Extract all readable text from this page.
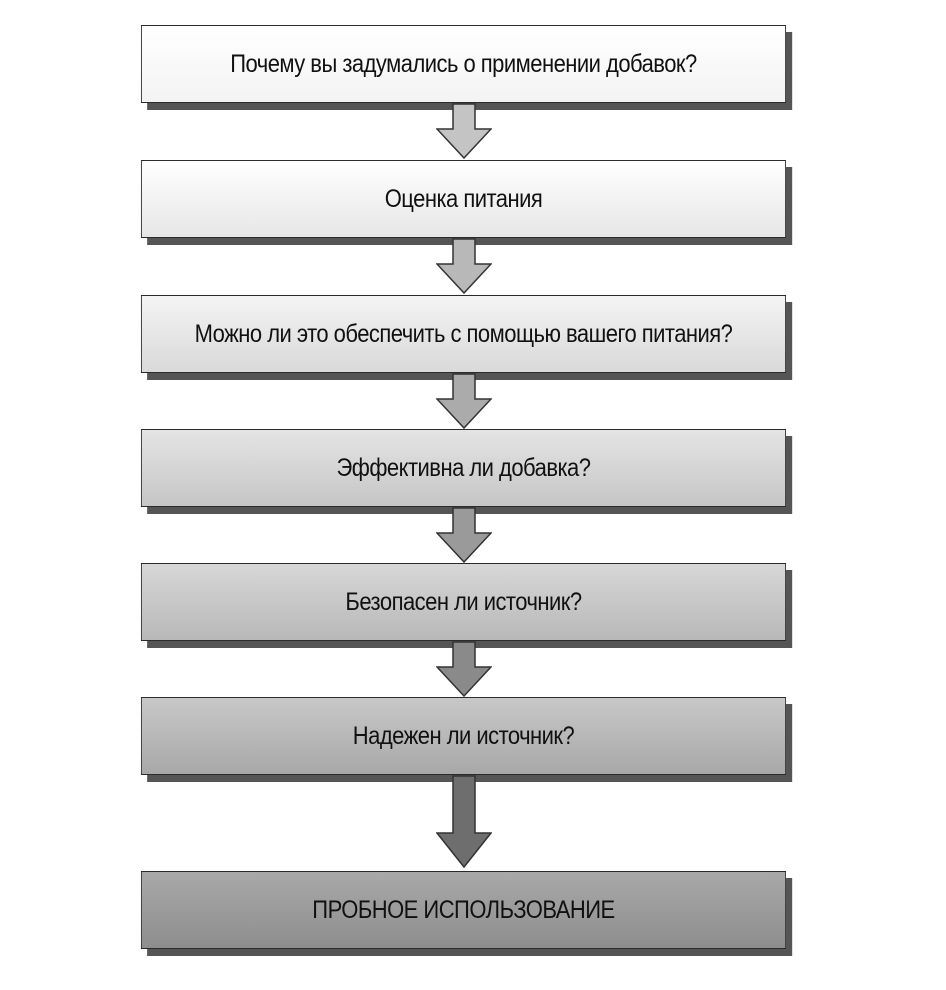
Почему вы задумались о применении добавок?
Оценка питания
Можно ли это обеспечить с помощью вашего питания?
Эффективна ли добавка?
Безопасен ли источник?
Надежен ли источник?
ПРОБНОЕ ИСПОЛЬЗОВАНИЕ
